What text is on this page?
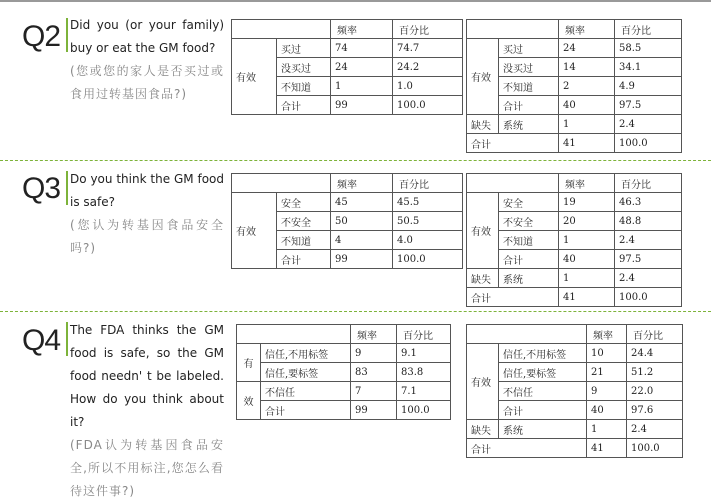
Q2 Did you (or your family) buy or eat the GM food?
(您或您的家人是否买过或食用过转基因食品?)
		频率	百分比
有效	买过	74	74.7
	没买过	24	24.2
	不知道	1	1.0
	合计	99	100.0
		频率	百分比
有效	买过	24	58.5
	没买过	14	34.1
	不知道	2	4.9
	合计	40	97.5
缺失	系统	1	2.4
合计		41	100.0
Q3 Do you think the GM food is safe?
(您认为转基因食品安全吗?)
		频率	百分比
有效	安全	45	45.5
	不安全	50	50.5
	不知道	4	4.0
	合计	99	100.0
		频率	百分比
有效	安全	19	46.3
	不安全	20	48.8
	不知道	1	2.4
	合计	40	97.5
缺失	系统	1	2.4
合计		41	100.0
Q4 The FDA thinks the GM food is safe, so the GM food needn' t be labeled. How do you think about it?
(FDA认为转基因食品安全,所以不用标注,您怎么看待这件事?)
		频率	百分比
有	信任,不用标签	9	9.1
	信任,要标签	83	83.8
效	不信任	7	7.1
	合计	99	100.0
		频率	百分比
有效	信任,不用标签	10	24.4
	信任,要标签	21	51.2
	不信任	9	22.0
	合计	40	97.6
缺失	系统	1	2.4
合计		41	100.0
